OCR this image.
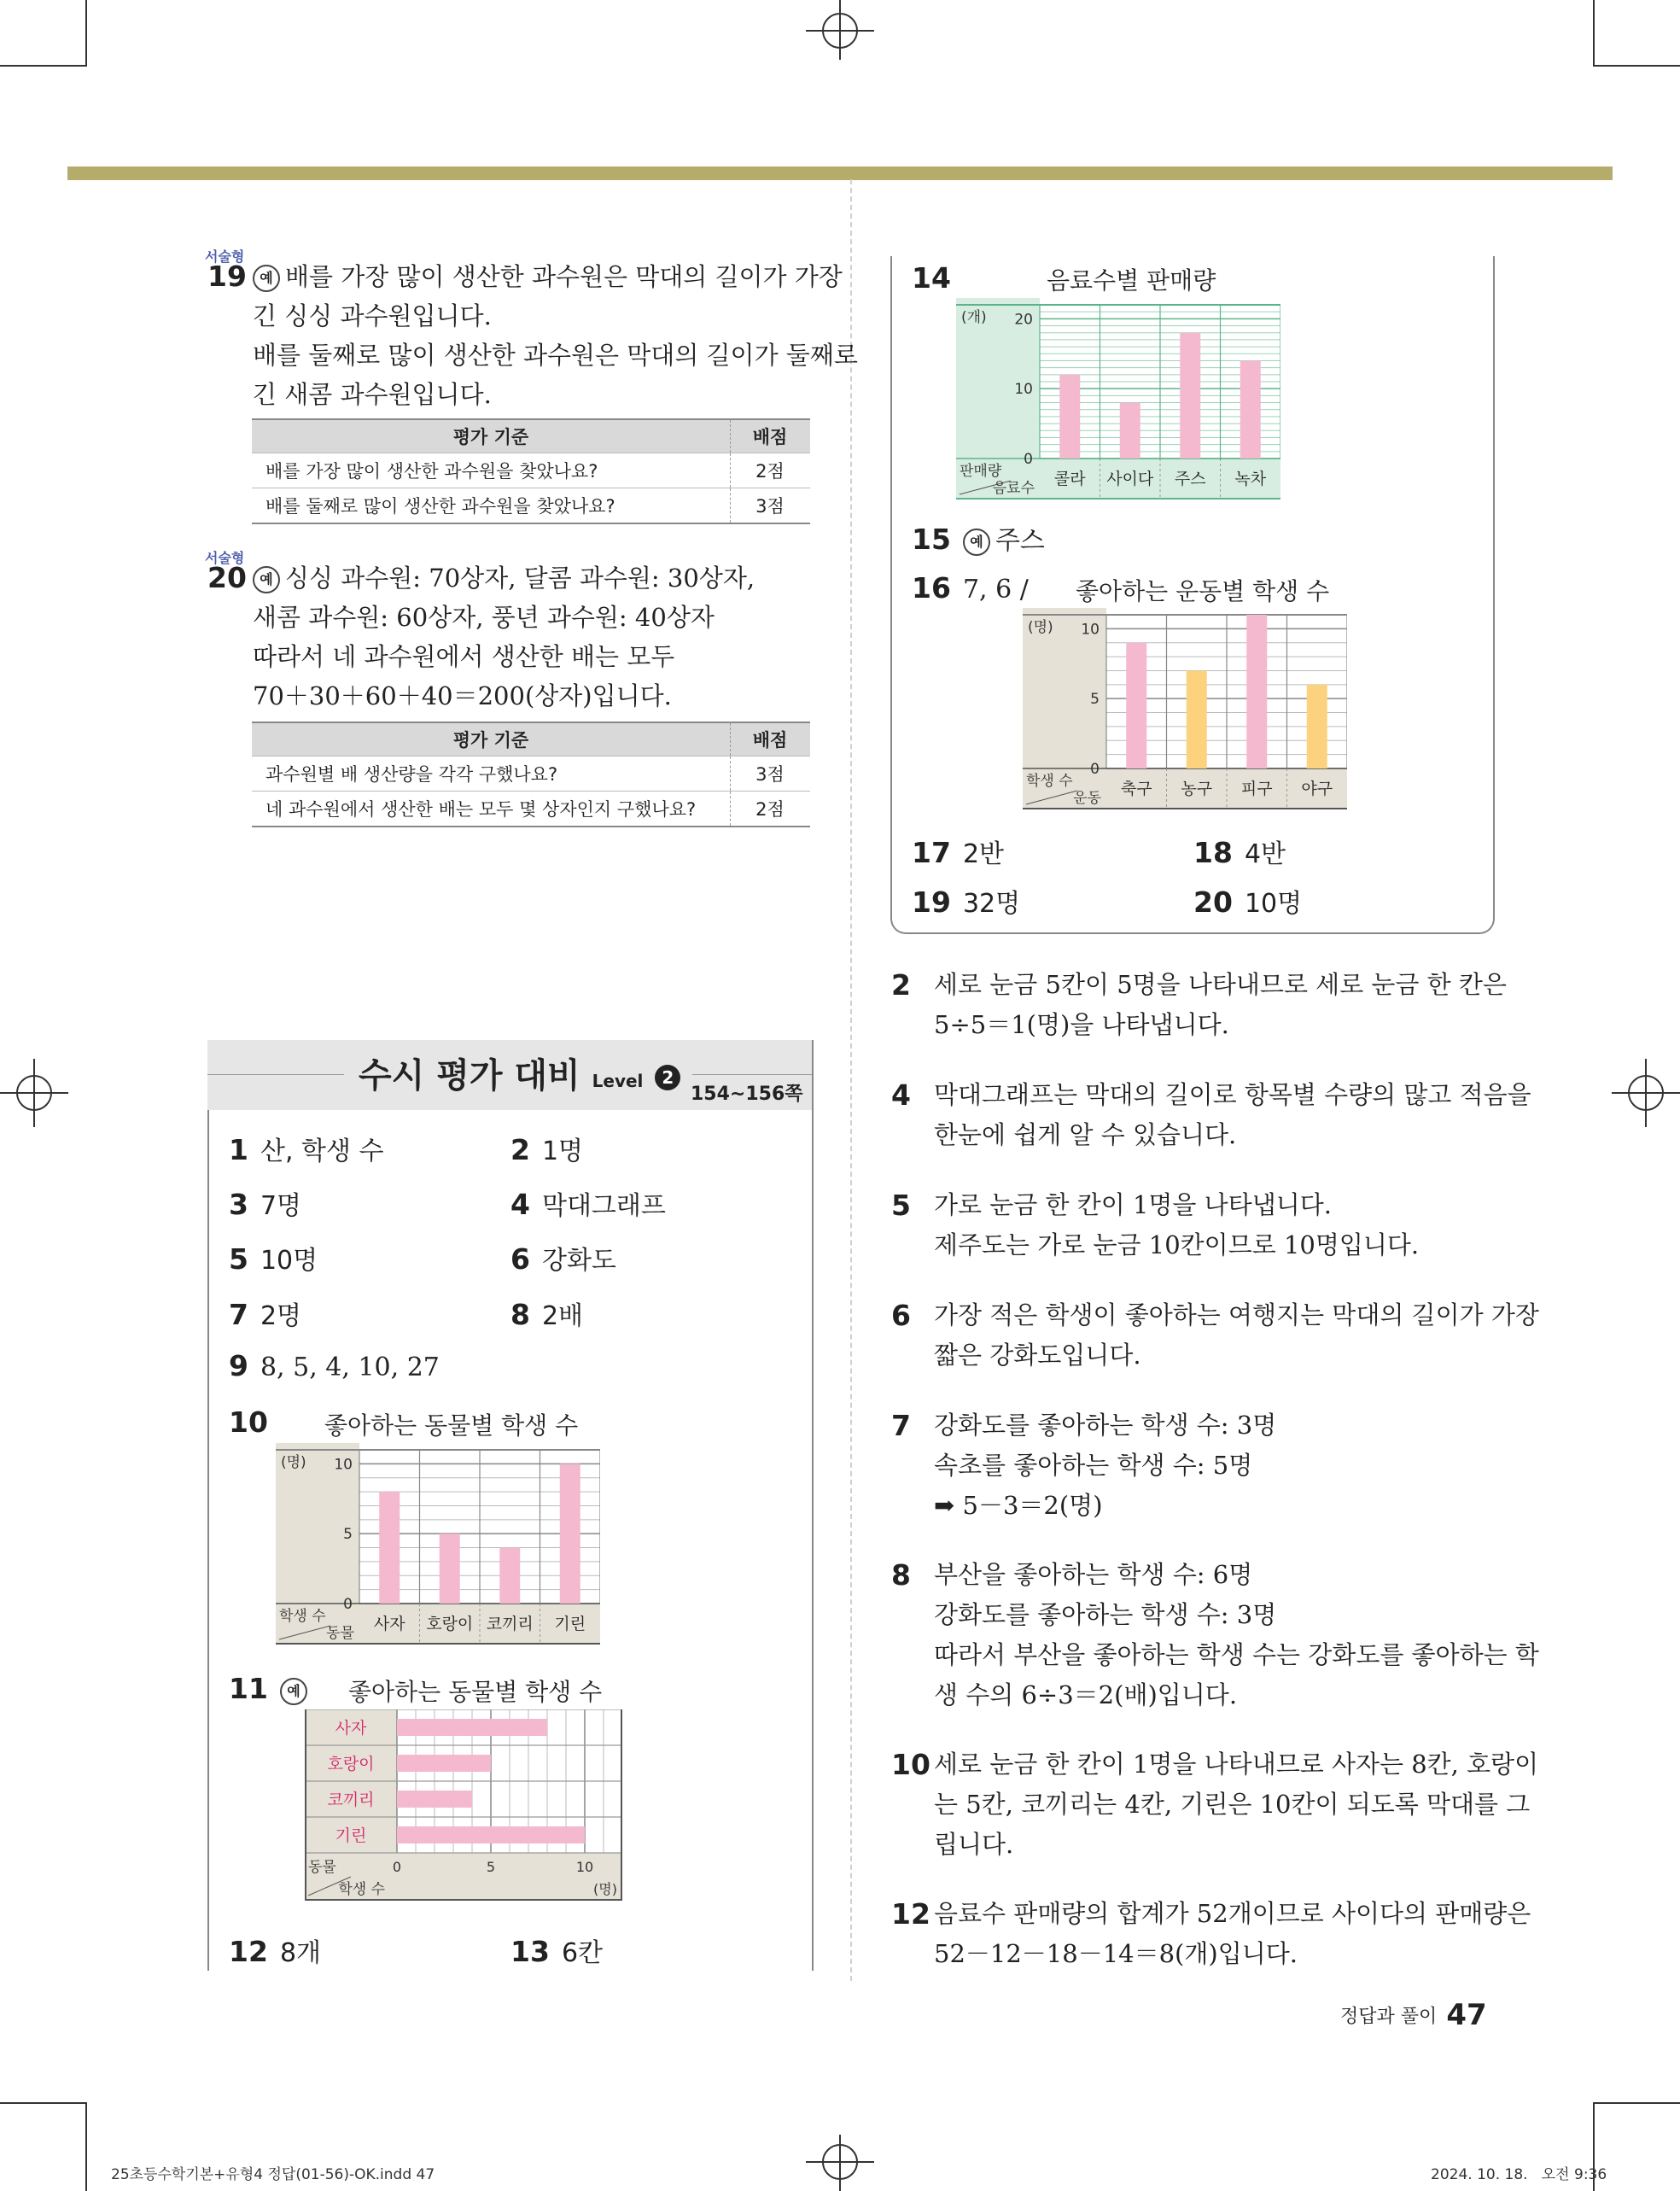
서술형
19 예 배를 가장 많이 생산한 과수원은 막대의 길이가 가장
긴 싱싱 과수원입니다.
배를 둘째로 많이 생산한 과수원은 막대의 길이가 둘째로
긴 새콤 과수원입니다.
평가 기준	배점
배를 가장 많이 생산한 과수원을 찾았나요?	2점
배를 둘째로 많이 생산한 과수원을 찾았나요?	3점
서술형
20 예 싱싱 과수원: 70상자, 달콤 과수원: 30상자,
새콤 과수원: 60상자, 풍년 과수원: 40상자
따라서 네 과수원에서 생산한 배는 모두
70＋30＋60＋40＝200(상자)입니다.
평가 기준	배점
과수원별 배 생산량을 각각 구했나요?	3점
네 과수원에서 생산한 배는 모두 몇 상자인지 구했나요?	2점
수시 평가 대비 Level 2
154~156쪽
1 산, 학생 수	2 1명
3 7명	4 막대그래프
5 10명	6 강화도
7 2명	8 2배
9 8, 5, 4, 10, 27
12 8개	13 6칸
10	좋아하는 동물별 학생 수
0
5
10
(명)
학생 수
동물 사자 호랑이 코끼리 기린
11 예	좋아하는 동물별 학생 수
사자
호랑이
코끼리
기린
0	5	10
동물
학생 수	(명)
14	음료수별 판매량
0
10
20
(개)
판매량
음료수 콜라 사이다 주스 녹차
15 예 주스
16 7, 6 / 좋아하는 운동별 학생 수
0
5
10
(명)
학생 수
운동 축구 농구 피구 야구
17 2반	18 4반
19 32명	20 10명
2 세로 눈금 5칸이 5명을 나타내므로 세로 눈금 한 칸은
5÷5＝1(명)을 나타냅니다.
4 막대그래프는 막대의 길이로 항목별 수량의 많고 적음을
한눈에 쉽게 알 수 있습니다.
5 가로 눈금 한 칸이 1명을 나타냅니다.
제주도는 가로 눈금 10칸이므로 10명입니다.
6 가장 적은 학생이 좋아하는 여행지는 막대의 길이가 가장
짧은 강화도입니다.
7 강화도를 좋아하는 학생 수: 3명
속초를 좋아하는 학생 수: 5명
➡ 5－3＝2(명)
8 부산을 좋아하는 학생 수: 6명
강화도를 좋아하는 학생 수: 3명
따라서 부산을 좋아하는 학생 수는 강화도를 좋아하는 학
생 수의 6÷3＝2(배)입니다.
10 세로 눈금 한 칸이 1명을 나타내므로 사자는 8칸, 호랑이
는 5칸, 코끼리는 4칸, 기린은 10칸이 되도록 막대를 그
립니다.
12 음료수 판매량의 합계가 52개이므로 사이다의 판매량은
52－12－18－14＝8(개)입니다.
정답과 풀이 47
25초등수학기본+유형4 정답(01-56)-OK.indd 47	2024. 10. 18.   오전 9:36
